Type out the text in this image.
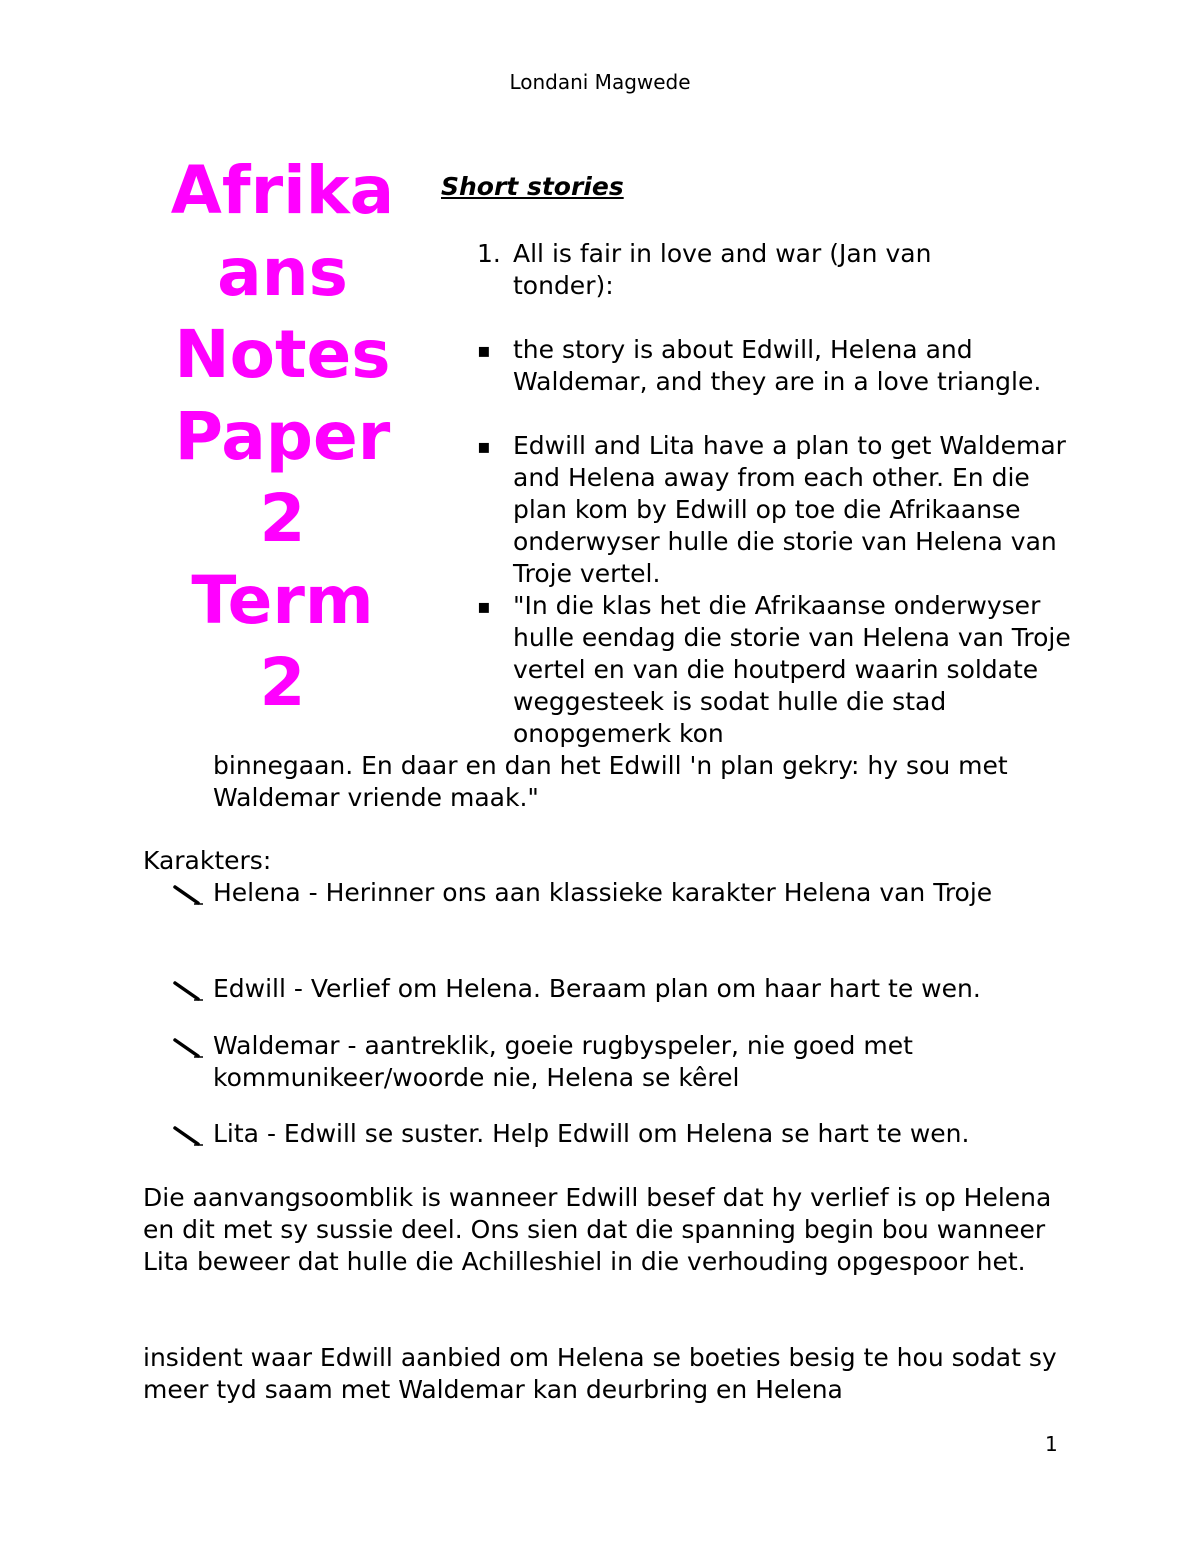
Londani Magwede
Afrika
ans
Notes
Paper
2
Term
2
Short stories
1. All is fair in love and war (Jan van tonder):
▪ the story is about Edwill, Helena and Waldemar, and they are in a love triangle.
▪ Edwill and Lita have a plan to get Waldemar and Helena away from each other. En die plan kom by Edwill op toe die Afrikaanse onderwyser hulle die storie van Helena van Troje vertel.
▪ "In die klas het die Afrikaanse onderwyser hulle eendag die storie van Helena van Troje vertel en van die houtperd waarin soldate weggesteek is sodat hulle die stad onopgemerk kon
binnegaan. En daar en dan het Edwill 'n plan gekry: hy sou met Waldemar vriende maak."
Karakters:
Helena - Herinner ons aan klassieke karakter Helena van Troje
Edwill - Verlief om Helena. Beraam plan om haar hart te wen.
Waldemar - aantreklik, goeie rugbyspeler, nie goed met kommunikeer/woorde nie, Helena se kêrel
Lita - Edwill se suster. Help Edwill om Helena se hart te wen.
Die aanvangsoomblik is wanneer Edwill besef dat hy verlief is op Helena en dit met sy sussie deel. Ons sien dat die spanning begin bou wanneer Lita beweer dat hulle die Achilleshiel in die verhouding opgespoor het.
insident waar Edwill aanbied om Helena se boeties besig te hou sodat sy meer tyd saam met Waldemar kan deurbring en Helena
1
